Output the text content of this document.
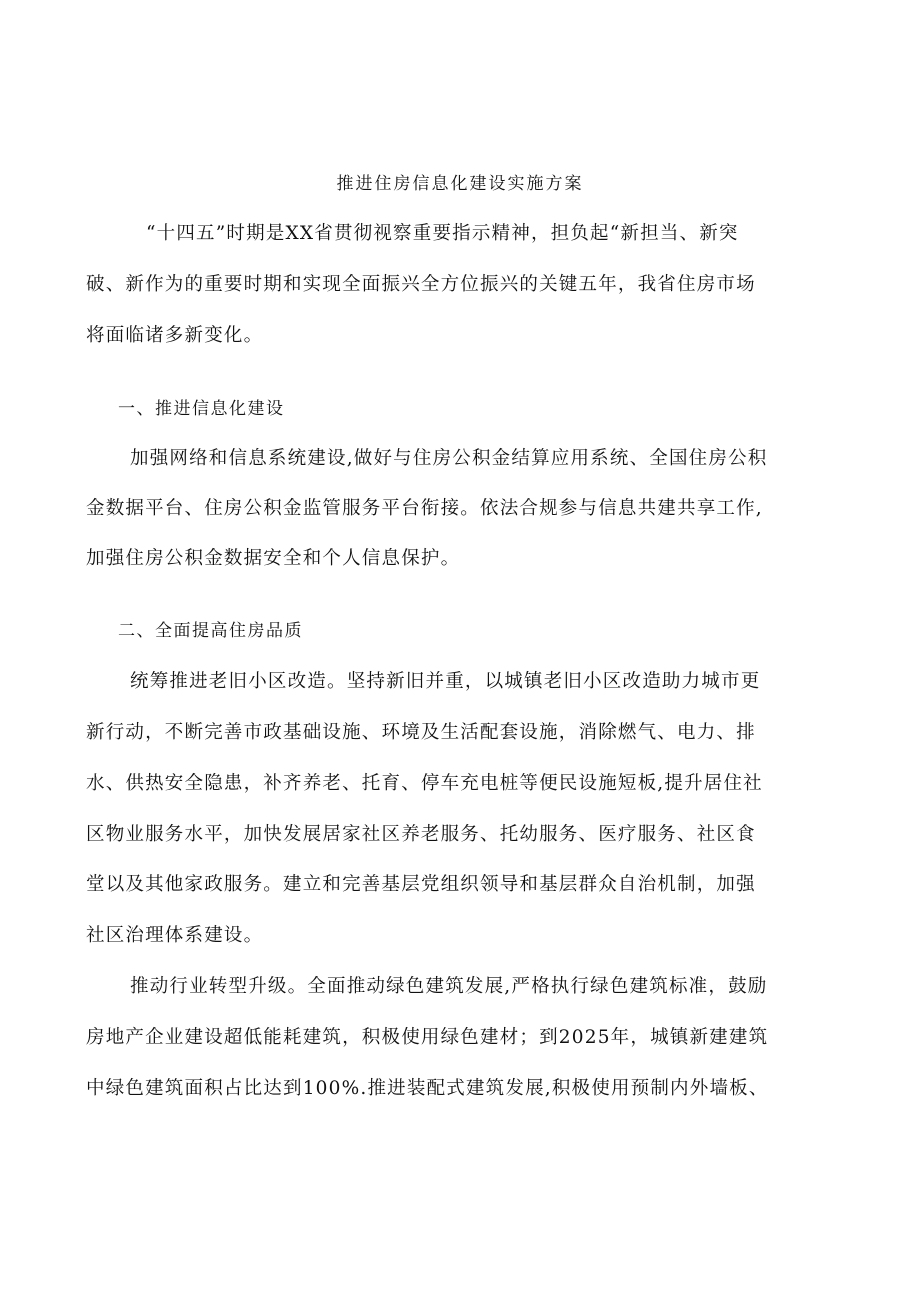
推进住房信息化建设实施方案
“十四五”时期是XX省贯彻视察重要指示精神，担负起“新担当、新突
破、新作为的重要时期和实现全面振兴全方位振兴的关键五年，我省住房市场
将面临诸多新变化。
一、推进信息化建设
加强网络和信息系统建设,做好与住房公积金结算应用系统、全国住房公积
金数据平台、住房公积金监管服务平台衔接。依法合规参与信息共建共享工作,
加强住房公积金数据安全和个人信息保护。
二、全面提高住房品质
统筹推进老旧小区改造。坚持新旧并重，以城镇老旧小区改造助力城市更
新行动，不断完善市政基础设施、环境及生活配套设施，消除燃气、电力、排
水、供热安全隐患，补齐养老、托育、停车充电桩等便民设施短板,提升居住社
区物业服务水平，加快发展居家社区养老服务、托幼服务、医疗服务、社区食
堂以及其他家政服务。建立和完善基层党组织领导和基层群众自治机制，加强
社区治理体系建设。
推动行业转型升级。全面推动绿色建筑发展,严格执行绿色建筑标准，鼓励
房地产企业建设超低能耗建筑，积极使用绿色建材；到2025年，城镇新建建筑
中绿色建筑面积占比达到100%.推进装配式建筑发展,积极使用预制内外墙板、
